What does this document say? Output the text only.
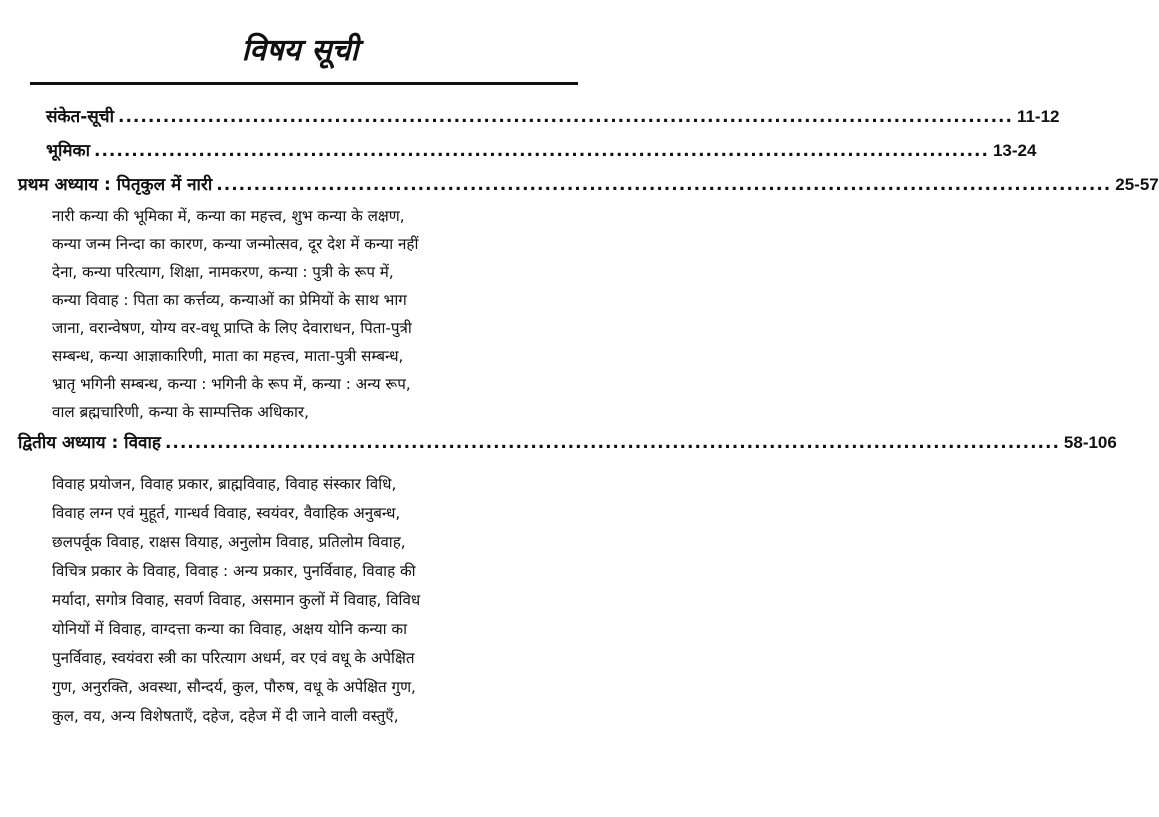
विषय सूची
संकेत-सूची ........................................................................................................................ 11-12
भूमिका ........................................................................................................................ 13-24
प्रथम अध्याय : पितृकुल में नारी ........................................................................................................................ 25-57
नारी कन्या की भूमिका में, कन्या का महत्त्व, शुभ कन्या के लक्षण,
कन्या जन्म निन्दा का कारण, कन्या जन्मोत्सव, दूर देश में कन्या नहीं
देना, कन्या परित्याग, शिक्षा, नामकरण, कन्या : पुत्री के रूप में,
कन्या विवाह : पिता का कर्त्तव्य, कन्याओं का प्रेमियों के साथ भाग
जाना, वरान्वेषण, योग्य वर-वधू प्राप्ति के लिए देवाराधन, पिता-पुत्री
सम्बन्ध, कन्या आज्ञाकारिणी, माता का महत्त्व, माता-पुत्री सम्बन्ध,
भ्रातृ भगिनी सम्बन्ध, कन्या : भगिनी के रूप में, कन्या : अन्य रूप,
वाल ब्रह्मचारिणी, कन्या के साम्पत्तिक अधिकार,
द्वितीय अध्याय : विवाह ........................................................................................................................ 58-106
विवाह प्रयोजन, विवाह प्रकार, ब्राह्मविवाह, विवाह संस्कार विधि,
विवाह लग्न एवं मुहूर्त, गान्धर्व विवाह, स्वयंवर, वैवाहिक अनुबन्ध,
छलपर्वूक विवाह, राक्षस वियाह, अनुलोम विवाह, प्रतिलोम विवाह,
विचित्र प्रकार के विवाह, विवाह : अन्य प्रकार, पुनर्विवाह, विवाह की
मर्यादा, सगोत्र विवाह, सवर्ण विवाह, असमान कुलों में विवाह, विविध
योनियों में विवाह, वाग्दत्ता कन्या का विवाह, अक्षय योनि कन्या का
पुनर्विवाह, स्वयंवरा स्त्री का परित्याग अधर्म, वर एवं वधू के अपेक्षित
गुण, अनुरक्ति, अवस्था, सौन्दर्य, कुल, पौरुष, वधू के अपेक्षित गुण,
कुल, वय, अन्य विशेषताएँ, दहेज, दहेज में दी जाने वाली वस्तुएँ,
